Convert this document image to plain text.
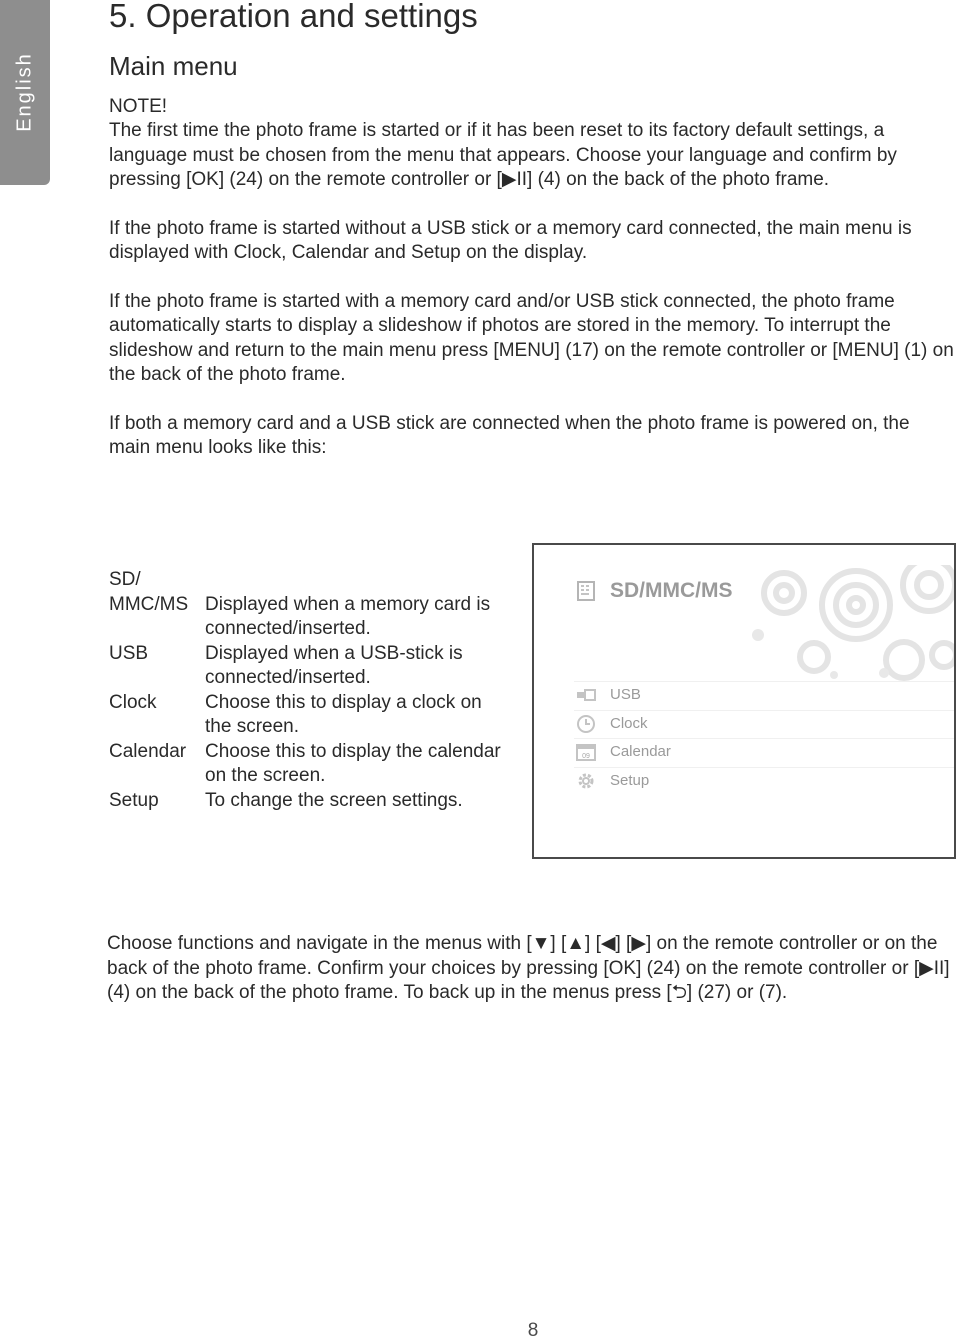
English
5. Operation and settings
Main menu
NOTE!

The first time the photo frame is started or if it has been reset to its factory default settings, a language must be chosen from the menu that appears. Choose your language and confirm by pressing [OK] (24) on the remote controller or [▶II] (4) on the back of the photo frame.

If the photo frame is started without a USB stick or a memory card connected, the main menu is displayed with Clock, Calendar and Setup on the display.

If the photo frame is started with a memory card and/or USB stick connected, the photo frame automatically starts to display a slideshow if photos are stored in the memory. To interrupt the slideshow and return to the main menu press [MENU] (17) on the remote controller or [MENU] (1) on the back of the photo frame.

If both a memory card and a USB stick are connected when the photo frame is powered on, the main menu looks like this:

SD/
MMC/MS Displayed when a memory card is connected/inserted.
USB	Displayed when a USB-stick is connected/inserted.
Clock	Choose this to display a clock on the screen.
Calendar Choose this to display the calendar on the screen.
Setup	To change the screen settings.
SD/MMC/MS
USB
Clock
09 Calendar
Setup

Choose functions and navigate in the menus with [▼] [▲] [◀] [▶] on the remote controller or on the back of the photo frame. Confirm your choices by pressing [OK] (24) on the remote controller or [▶II] (4) on the back of the photo frame. To back up in the menus press [⮌] (27) or (7).

8
